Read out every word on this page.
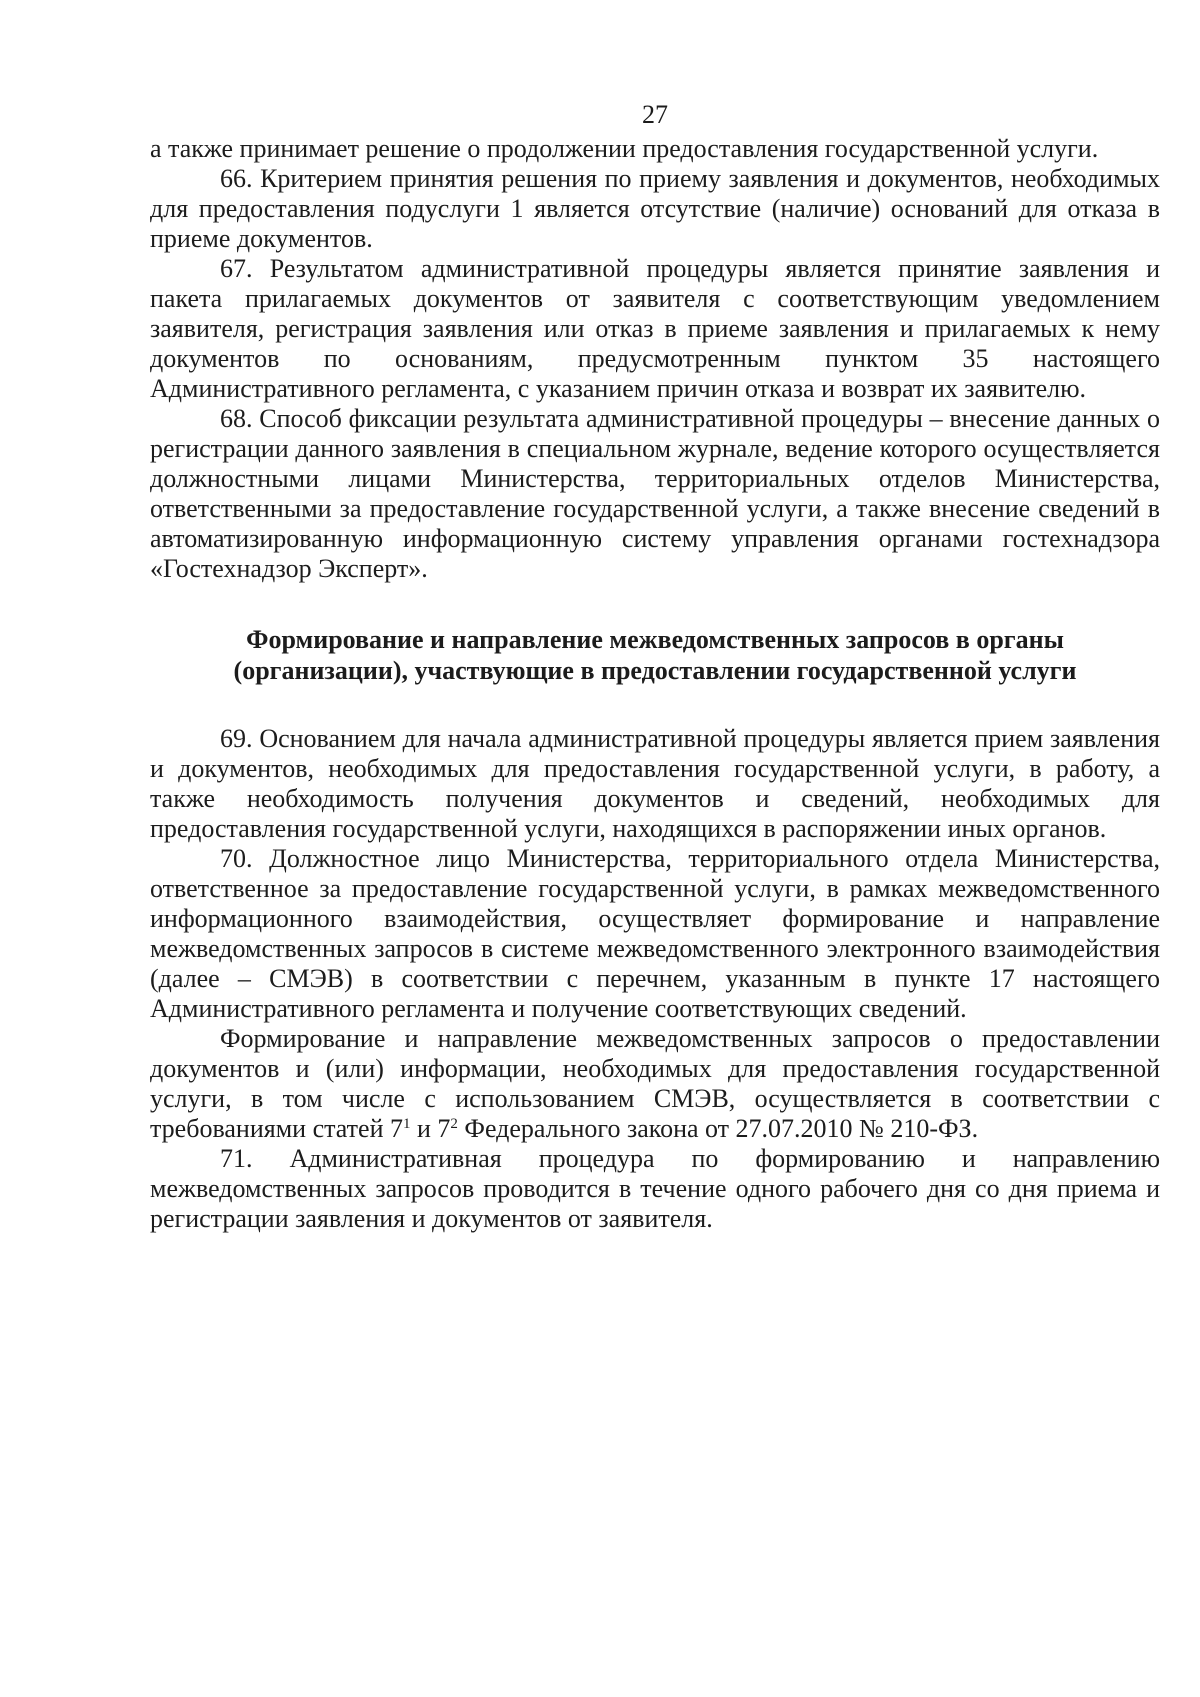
27

а также принимает решение о продолжении предоставления государственной услуги.

66. Критерием принятия решения по приему заявления и документов, необходимых для предоставления подуслуги 1 является отсутствие (наличие) оснований для отказа в приеме документов.

67. Результатом административной процедуры является принятие заявления и пакета прилагаемых документов от заявителя с соответствующим уведомлением заявителя, регистрация заявления или отказ в приеме заявления и прилагаемых к нему документов по основаниям, предусмотренным пунктом 35 настоящего Административного регламента, с указанием причин отказа и возврат их заявителю.

68. Способ фиксации результата административной процедуры – внесение данных о регистрации данного заявления в специальном журнале, ведение которого осуществляется должностными лицами Министерства, территориальных отделов Министерства, ответственными за предоставление государственной услуги, а также внесение сведений в автоматизированную информационную систему управления органами гостехнадзора «Гостехнадзор Эксперт».

Формирование и направление межведомственных запросов в органы
(организации), участвующие в предоставлении государственной услуги

69. Основанием для начала административной процедуры является прием заявления и документов, необходимых для предоставления государственной услуги, в работу, а также необходимость получения документов и сведений, необходимых для предоставления государственной услуги, находящихся в распоряжении иных органов.

70. Должностное лицо Министерства, территориального отдела Министерства, ответственное за предоставление государственной услуги, в рамках межведомственного информационного взаимодействия, осуществляет формирование и направление межведомственных запросов в системе межведомственного электронного взаимодействия (далее – СМЭВ) в соответствии с перечнем, указанным в пункте 17 настоящего Административного регламента и получение соответствующих сведений.

Формирование и направление межведомственных запросов о предоставлении документов и (или) информации, необходимых для предоставления государственной услуги, в том числе с использованием СМЭВ, осуществляется в соответствии с требованиями статей $7^1$ и $7^2$ Федерального закона от 27.07.2010 № 210-ФЗ.

71. Административная процедура по формированию и направлению межведомственных запросов проводится в течение одного рабочего дня со дня приема и регистрации заявления и документов от заявителя.
